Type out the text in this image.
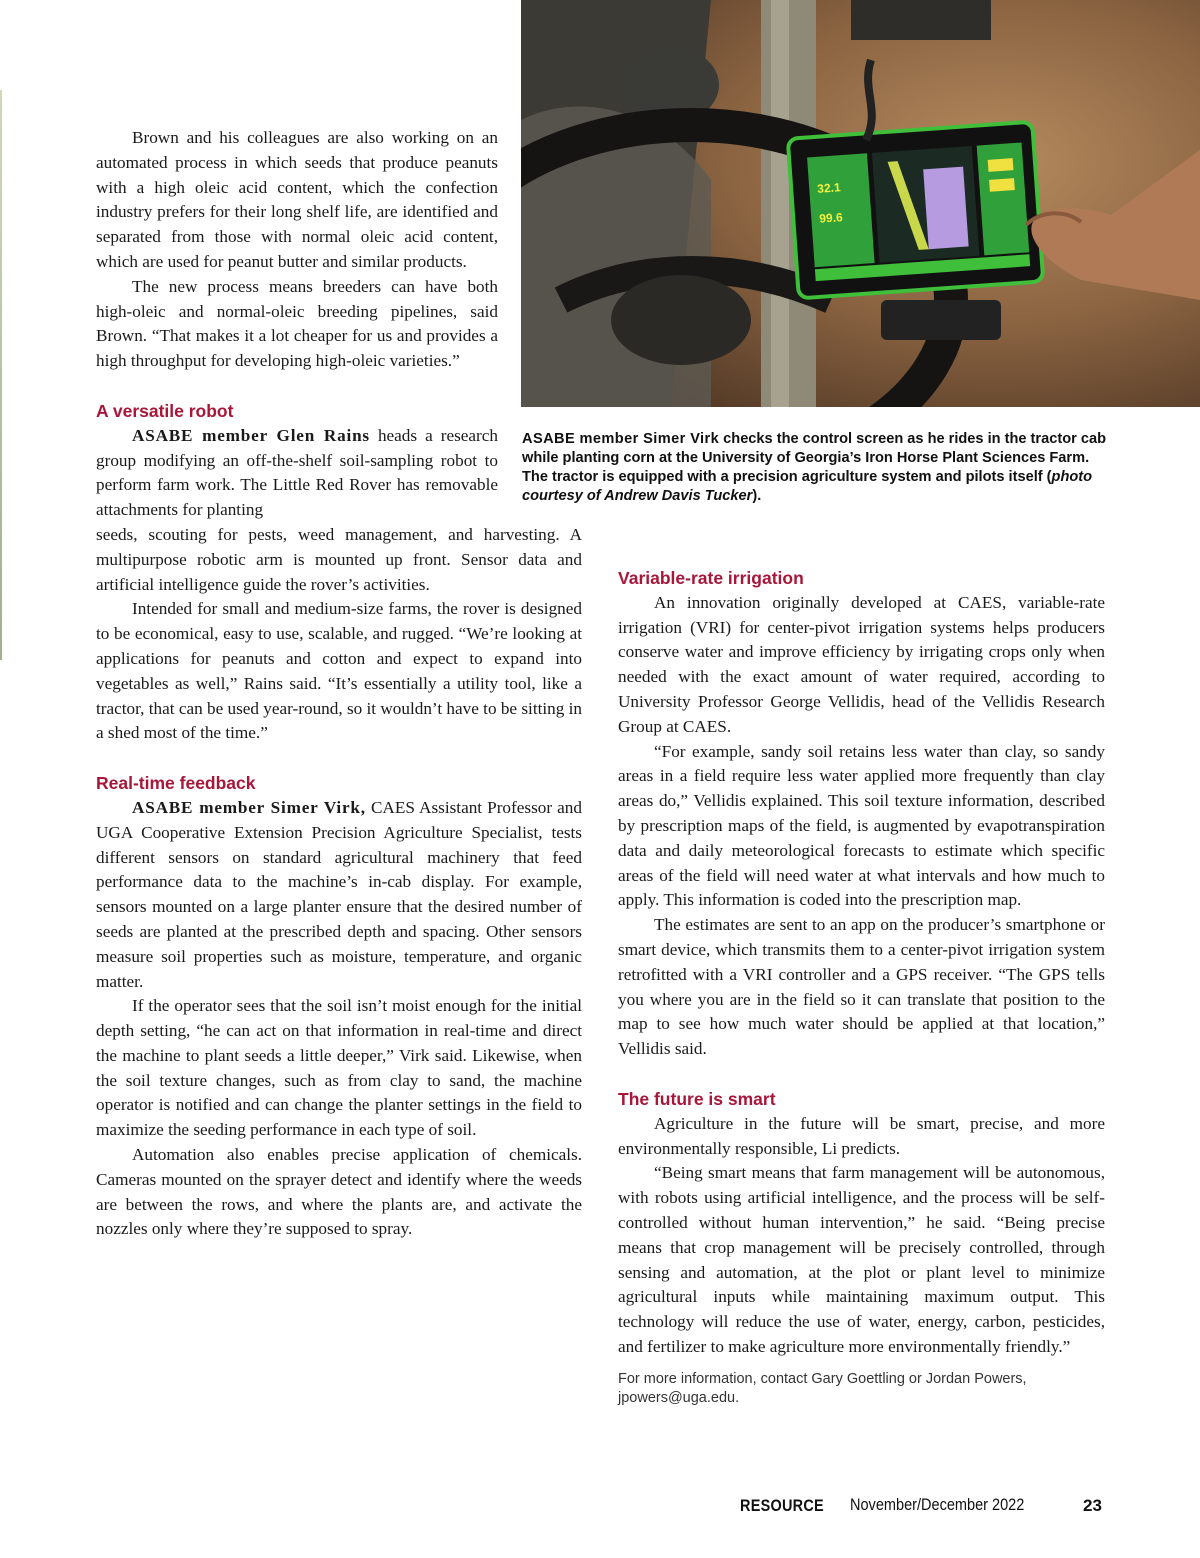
32.1
99.6

ASABE member Simer Virk checks the control screen as he rides in the tractor cab while planting corn at the University of Georgia’s Iron Horse Plant Sciences Farm. The tractor is equipped with a precision agriculture system and pilots itself (photo courtesy of Andrew Davis Tucker).

Brown and his colleagues are also working on an automated process in which seeds that produce peanuts with a high oleic acid content, which the confection industry prefers for their long shelf life, are identified and separated from those with normal oleic acid content, which are used for peanut butter and similar products.

The new process means breeders can have both high-oleic and normal-oleic breeding pipelines, said Brown. “That makes it a lot cheaper for us and provides a high throughput for developing high-oleic varieties.”

A versatile robot

ASABE member Glen Rains heads a research group modifying an off-the-shelf soil-sampling robot to perform farm work. The Little Red Rover has removable attachments for planting

seeds, scouting for pests, weed management, and harvesting. A multipurpose robotic arm is mounted up front. Sensor data and artificial intelligence guide the rover’s activities.

Intended for small and medium-size farms, the rover is designed to be economical, easy to use, scalable, and rugged. “We’re looking at applications for peanuts and cotton and expect to expand into vegetables as well,” Rains said. “It’s essentially a utility tool, like a tractor, that can be used year-round, so it wouldn’t have to be sitting in a shed most of the time.”

Real-time feedback

ASABE member Simer Virk, CAES Assistant Professor and UGA Cooperative Extension Precision Agriculture Specialist, tests different sensors on standard agricultural machinery that feed performance data to the machine’s in-cab display. For example, sensors mounted on a large planter ensure that the desired number of seeds are planted at the prescribed depth and spacing. Other sensors measure soil properties such as moisture, temperature, and organic matter.

If the operator sees that the soil isn’t moist enough for the initial depth setting, “he can act on that information in real-time and direct the machine to plant seeds a little deeper,” Virk said. Likewise, when the soil texture changes, such as from clay to sand, the machine operator is notified and can change the planter settings in the field to maximize the seeding performance in each type of soil.

Automation also enables precise application of chemicals. Cameras mounted on the sprayer detect and identify where the weeds are between the rows, and where the plants are, and activate the nozzles only where they’re supposed to spray.

Variable-rate irrigation

An innovation originally developed at CAES, variable-rate irrigation (VRI) for center-pivot irrigation systems helps producers conserve water and improve efficiency by irrigating crops only when needed with the exact amount of water required, according to University Professor George Vellidis, head of the Vellidis Research Group at CAES.

“For example, sandy soil retains less water than clay, so sandy areas in a field require less water applied more frequently than clay areas do,” Vellidis explained. This soil texture information, described by prescription maps of the field, is augmented by evapotranspiration data and daily meteorological forecasts to estimate which specific areas of the field will need water at what intervals and how much to apply. This information is coded into the prescription map.

The estimates are sent to an app on the producer’s smartphone or smart device, which transmits them to a center-pivot irrigation system retrofitted with a VRI controller and a GPS receiver. “The GPS tells you where you are in the field so it can translate that position to the map to see how much water should be applied at that location,” Vellidis said.

The future is smart

Agriculture in the future will be smart, precise, and more environmentally responsible, Li predicts.

“Being smart means that farm management will be autonomous, with robots using artificial intelligence, and the process will be self-controlled without human intervention,” he said. “Being precise means that crop management will be precisely controlled, through sensing and automation, at the plot or plant level to minimize agricultural inputs while maintaining maximum output. This technology will reduce the use of water, energy, carbon, pesticides, and fertilizer to make agriculture more environmentally friendly.”

For more information, contact Gary Goettling or Jordan Powers, jpowers@uga.edu.

RESOURCE November/December 2022	23
